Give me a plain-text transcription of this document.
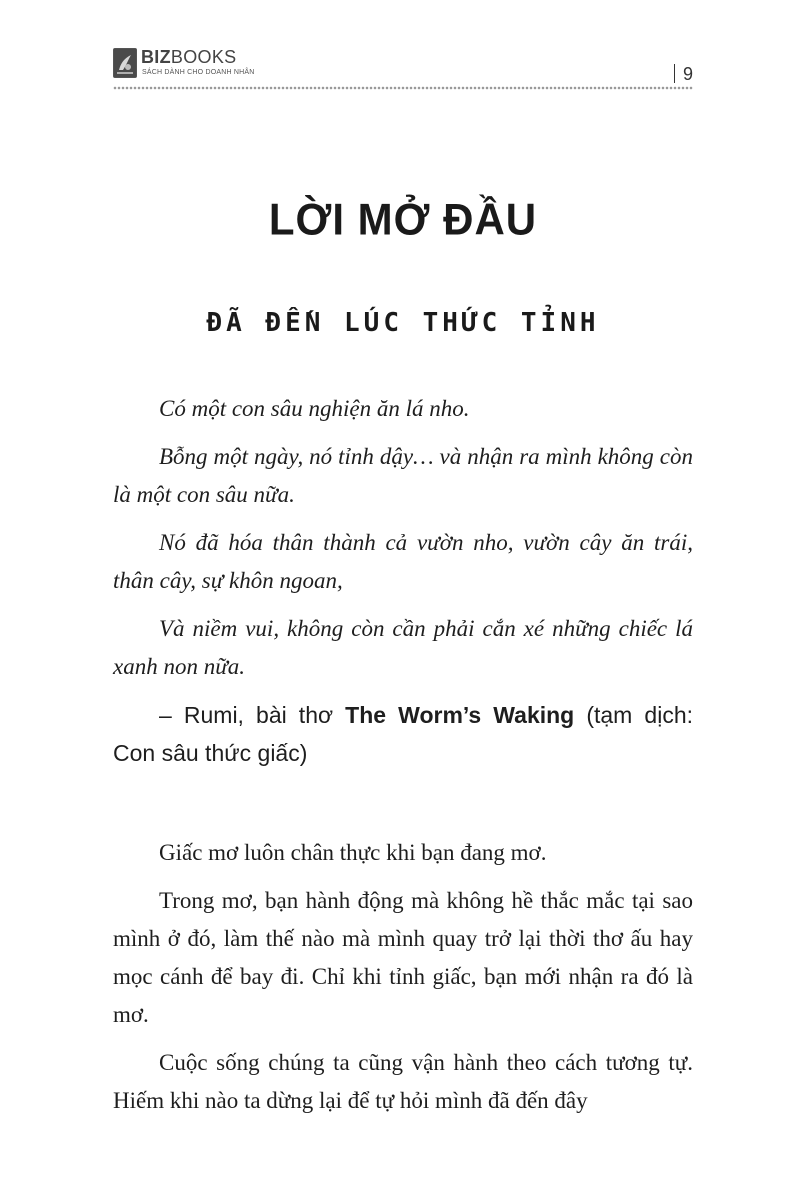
BIZBOOKS
SÁCH DÀNH CHO DOANH NHÂN	9
LỜI MỞ ĐẦU
ĐÃ ĐẾN LÚC THỨC TỈNH

Có một con sâu nghiện ăn lá nho.

Bỗng một ngày, nó tỉnh dậy… và nhận ra mình không còn là một con sâu nữa.

Nó đã hóa thân thành cả vườn nho, vườn cây ăn trái, thân cây, sự khôn ngoan,

Và niềm vui, không còn cần phải cắn xé những chiếc lá xanh non nữa.

– Rumi, bài thơ The Worm’s Waking (tạm dịch: Con sâu thức giấc)

Giấc mơ luôn chân thực khi bạn đang mơ.

Trong mơ, bạn hành động mà không hề thắc mắc tại sao mình ở đó, làm thế nào mà mình quay trở lại thời thơ ấu hay mọc cánh để bay đi. Chỉ khi tỉnh giấc, bạn mới nhận ra đó là mơ.

Cuộc sống chúng ta cũng vận hành theo cách tương tự. Hiếm khi nào ta dừng lại để tự hỏi mình đã đến đây
